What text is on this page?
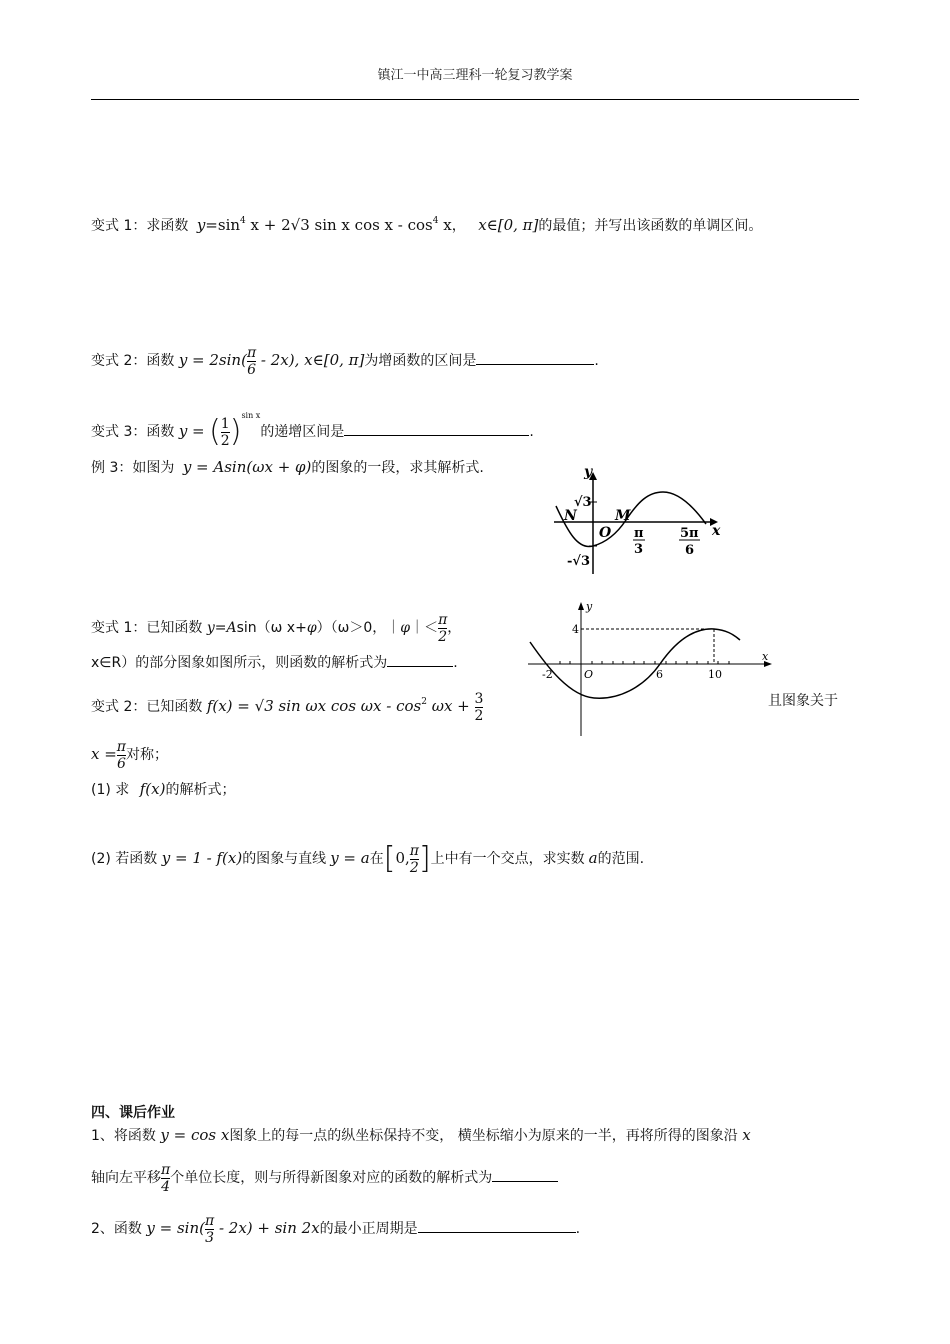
镇江一中高三理科一轮复习教学案
变式 1：求函数 $y=\sin^4$ x + 2√3 sin x cos x - $\cos^4 x$， x∈[0, π]的最值；并写出该函数的单调区间。
变式 2：函数 $y = 2\sin( \frac{\pi}{6} - 2x)$, x∈[0, π]为增函数的区间是	.
变式 3：函数 y = ( $\frac{1}{2} )^{sin x}$的递增区间是	.
例 3：如图为 y = Asin(ωx + φ)的图象的一段，求其解析式.	y
x
√3
-√3
N	M
O π
3
5π
6
变式 1：已知函数 y=Asin（ω x+φ）（ω＞0，｜φ｜＜ $\frac{\pi}{2}$ ，
x∈R）的部分图象如图所示，则函数的解析式为	.
y
x
4
-2	O	6	10
变式 2：已知函数 f(x) = √3 sin ωx $\cos \omega x - \cos^2 \omega x + \frac{3}{2}$	且图象关于
$x = \frac{\pi}{6}$ 对称；
(1) 求 f(x)的解析式；
(2) 若函数 y = 1 - f(x)的图象与直线 y = a在[0, $\frac{\pi}{2}$ ]上中有一个交点，求实数 a的范围.
四、课后作业
1、将函数 y = cos x图象上的每一点的纵坐标保持不变， 横坐标缩小为原来的一半，再将所得的图象沿 x
轴向左平移 $\frac{\pi}{4}$ 个单位长度，则与所得新图象对应的函数的解析式为
2、函数 $y = \sin( \frac{\pi}{3} - 2x) + \sin 2x$的最小正周期是	.
